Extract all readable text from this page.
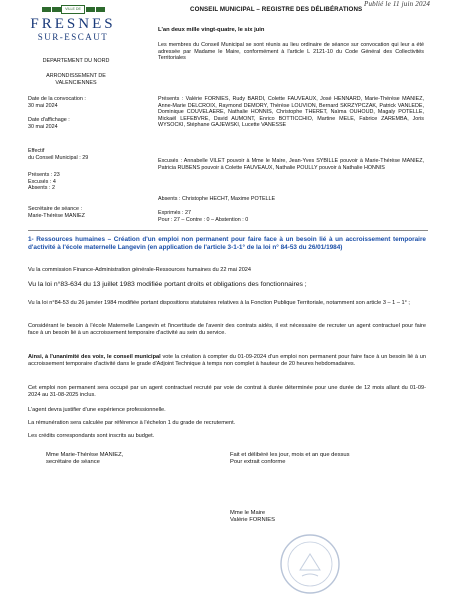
Publié le 11 juin 2024
CONSEIL MUNICIPAL – REGISTRE DES DÉLIBÉRATIONS
VILLE DE
FRESNES
SUR-ESCAUT
DEPARTEMENT DU NORD
ARRONDISSEMENT DE
VALENCIENNES
Date de la convocation :
30 mai 2024
Date d'affichage :
30 mai 2024
Effectif
du Conseil Municipal : 29
Présents : 23
Excusés : 4
Absents : 2
Secrétaire de séance :
Marie-Thérèse MANIEZ
L'an deux mille vingt-quatre, le six juin
Les membres du Conseil Municipal se sont réunis au lieu ordinaire de séance sur convocation qui leur a été adressée par Madame le Maire, conformément à l'article L 2121-10 du Code Général des Collectivités Territoriales
Présents : Valérie FORNIES, Rudy BARDI, Colette FAUVEAUX, José HENNARD, Marie-Thérèse MANIEZ, Anne-Marie DELCROIX, Raymond DEMORY, Thérèse LOUVION, Bernard SKRZYPCZAK, Patrick VANLEDE, Dominique COUVELAERE, Nathalie HONNIS, Christophe THERET, Naïma OUHOUD, Magaly POTELLE, Mickaël LEFEBVRE, David AUMONT, Enrico BOTTICCHIO, Martine MELE, Fabrice ZAREMBA, Joris WYSOCKI, Stéphane GAJEWSKI, Lucette VANESSE
Excusés : Annabelle VILET pouvoir à Mme le Maire, Jean-Yves SYBILLE pouvoir à Marie-Thérèse MANIEZ, Patricia RUBENS pouvoir à Colette FAUVEAUX, Nathalie POULLY pouvoir à Nathalie HONNIS
Absents : Christophe HECHT, Maxime POTELLE
Exprimés : 27
Pour : 27 – Contre : 0 – Abstention : 0
1- Ressources humaines – Création d'un emploi non permanent pour faire face à un besoin lié à un accroissement temporaire d'activité à l'école maternelle Langevin (en application de l'article 3-1-1° de la loi n° 84-53 du 26/01/1984)
Vu la commission Finance-Administration générale-Ressources humaines du 22 mai 2024
Vu la loi n°83-634 du 13 juillet 1983 modifiée portant droits et obligations des fonctionnaires ;
Vu la loi n°84-53 du 26 janvier 1984 modifiée portant dispositions statutaires relatives à la Fonction Publique Territoriale, notamment son article 3 – 1 – 1° ;
Considérant le besoin à l'école Maternelle Langevin et l'incertitude de l'avenir des contrats aidés, il est nécessaire de recruter un agent contractuel pour faire face à un besoin lié à un accroissement temporaire d'activité au sein du service.
Ainsi, à l'unanimité des voix, le conseil municipal vote la création à compter du 01-09-2024 d'un emploi non permanent pour faire face à un besoin lié à un accroissement temporaire d'activité dans le grade d'Adjoint Technique à temps non complet à hauteur de 20 heures hebdomadaires.
Cet emploi non permanent sera occupé par un agent contractuel recruté par voie de contrat à durée déterminée pour une durée de 12 mois allant du 01-09-2024 au 31-08-2025 inclus.
L'agent devra justifier d'une expérience professionnelle.
La rémunération sera calculée par référence à l'échelon 1 du grade de recrutement.
Les crédits correspondants sont inscrits au budget.
Mme Marie-Thérèse MANIEZ,
secrétaire de séance
Fait et délibéré les jour, mois et an que dessus
Pour extrait conforme
Mme le Maire
Valérie FORNIES
